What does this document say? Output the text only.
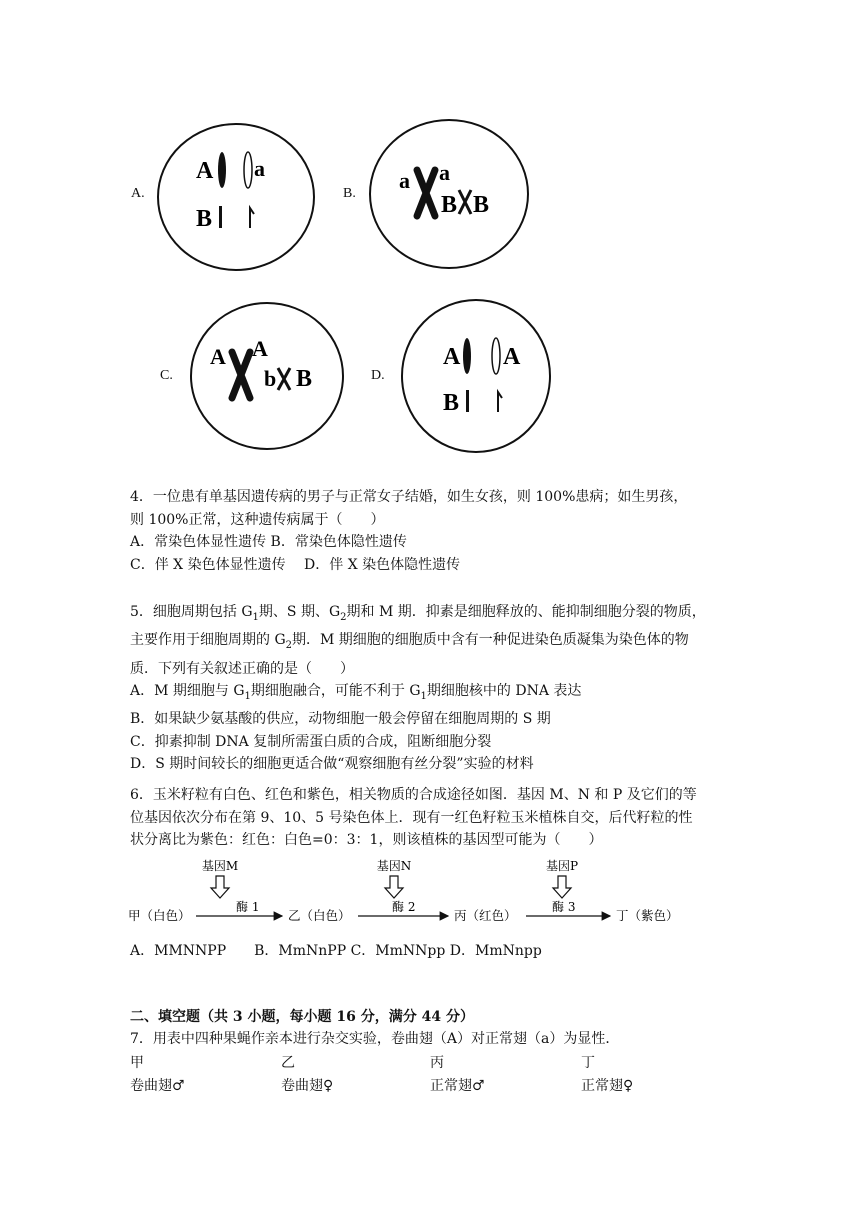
A.
A a
B
B.
a a
B B
C.
A A
b B	D.
A A
B

4．一位患有单基因遗传病的男子与正常女子结婚，如生女孩，则 100%患病；如生男孩，

则 100%正常，这种遗传病属于（　　）

A．常染色体显性遗传 B．常染色体隐性遗传

C．伴 X 染色体显性遗传　 D．伴 X 染色体隐性遗传

5．细胞周期包括 $G_1$期、S 期、$G_2$期和 M 期．抑素是细胞释放的、能抑制细胞分裂的物质，

主要作用于细胞周期的 $G_2$期．M 期细胞的细胞质中含有一种促进染色质凝集为染色体的物

质．下列有关叙述正确的是（　　）

A．M 期细胞与 $G_1$期细胞融合，可能不利于 $G_1$期细胞核中的 DNA 表达

B．如果缺少氨基酸的供应，动物细胞一般会停留在细胞周期的 S 期

C．抑素抑制 DNA 复制所需蛋白质的合成，阻断细胞分裂

D．S 期时间较长的细胞更适合做“观察细胞有丝分裂”实验的材料

6．玉米籽粒有白色、红色和紫色，相关物质的合成途径如图．基因 M、N 和 P 及它们的等

位基因依次分布在第 9、10、5 号染色体上．现有一红色籽粒玉米植株自交，后代籽粒的性

状分离比为紫色：红色：白色=0：3：1，则该植株的基因型可能为（　　）

基因M	基因N	基因P
酶 1	酶 2	酶 3
甲（白色）	乙（白色）	丙（红色）	丁（紫色）

A．MMNNPP　　B．MmNnPP C．MmNNpp D．MmNnpp

二、填空题（共 3 小题，每小题 16 分，满分 44 分）

7．用表中四种果蝇作亲本进行杂交实验，卷曲翅（A）对正常翅（a）为显性．

甲	乙	丙	丁
卷曲翅♂	卷曲翅♀	正常翅♂	正常翅♀
